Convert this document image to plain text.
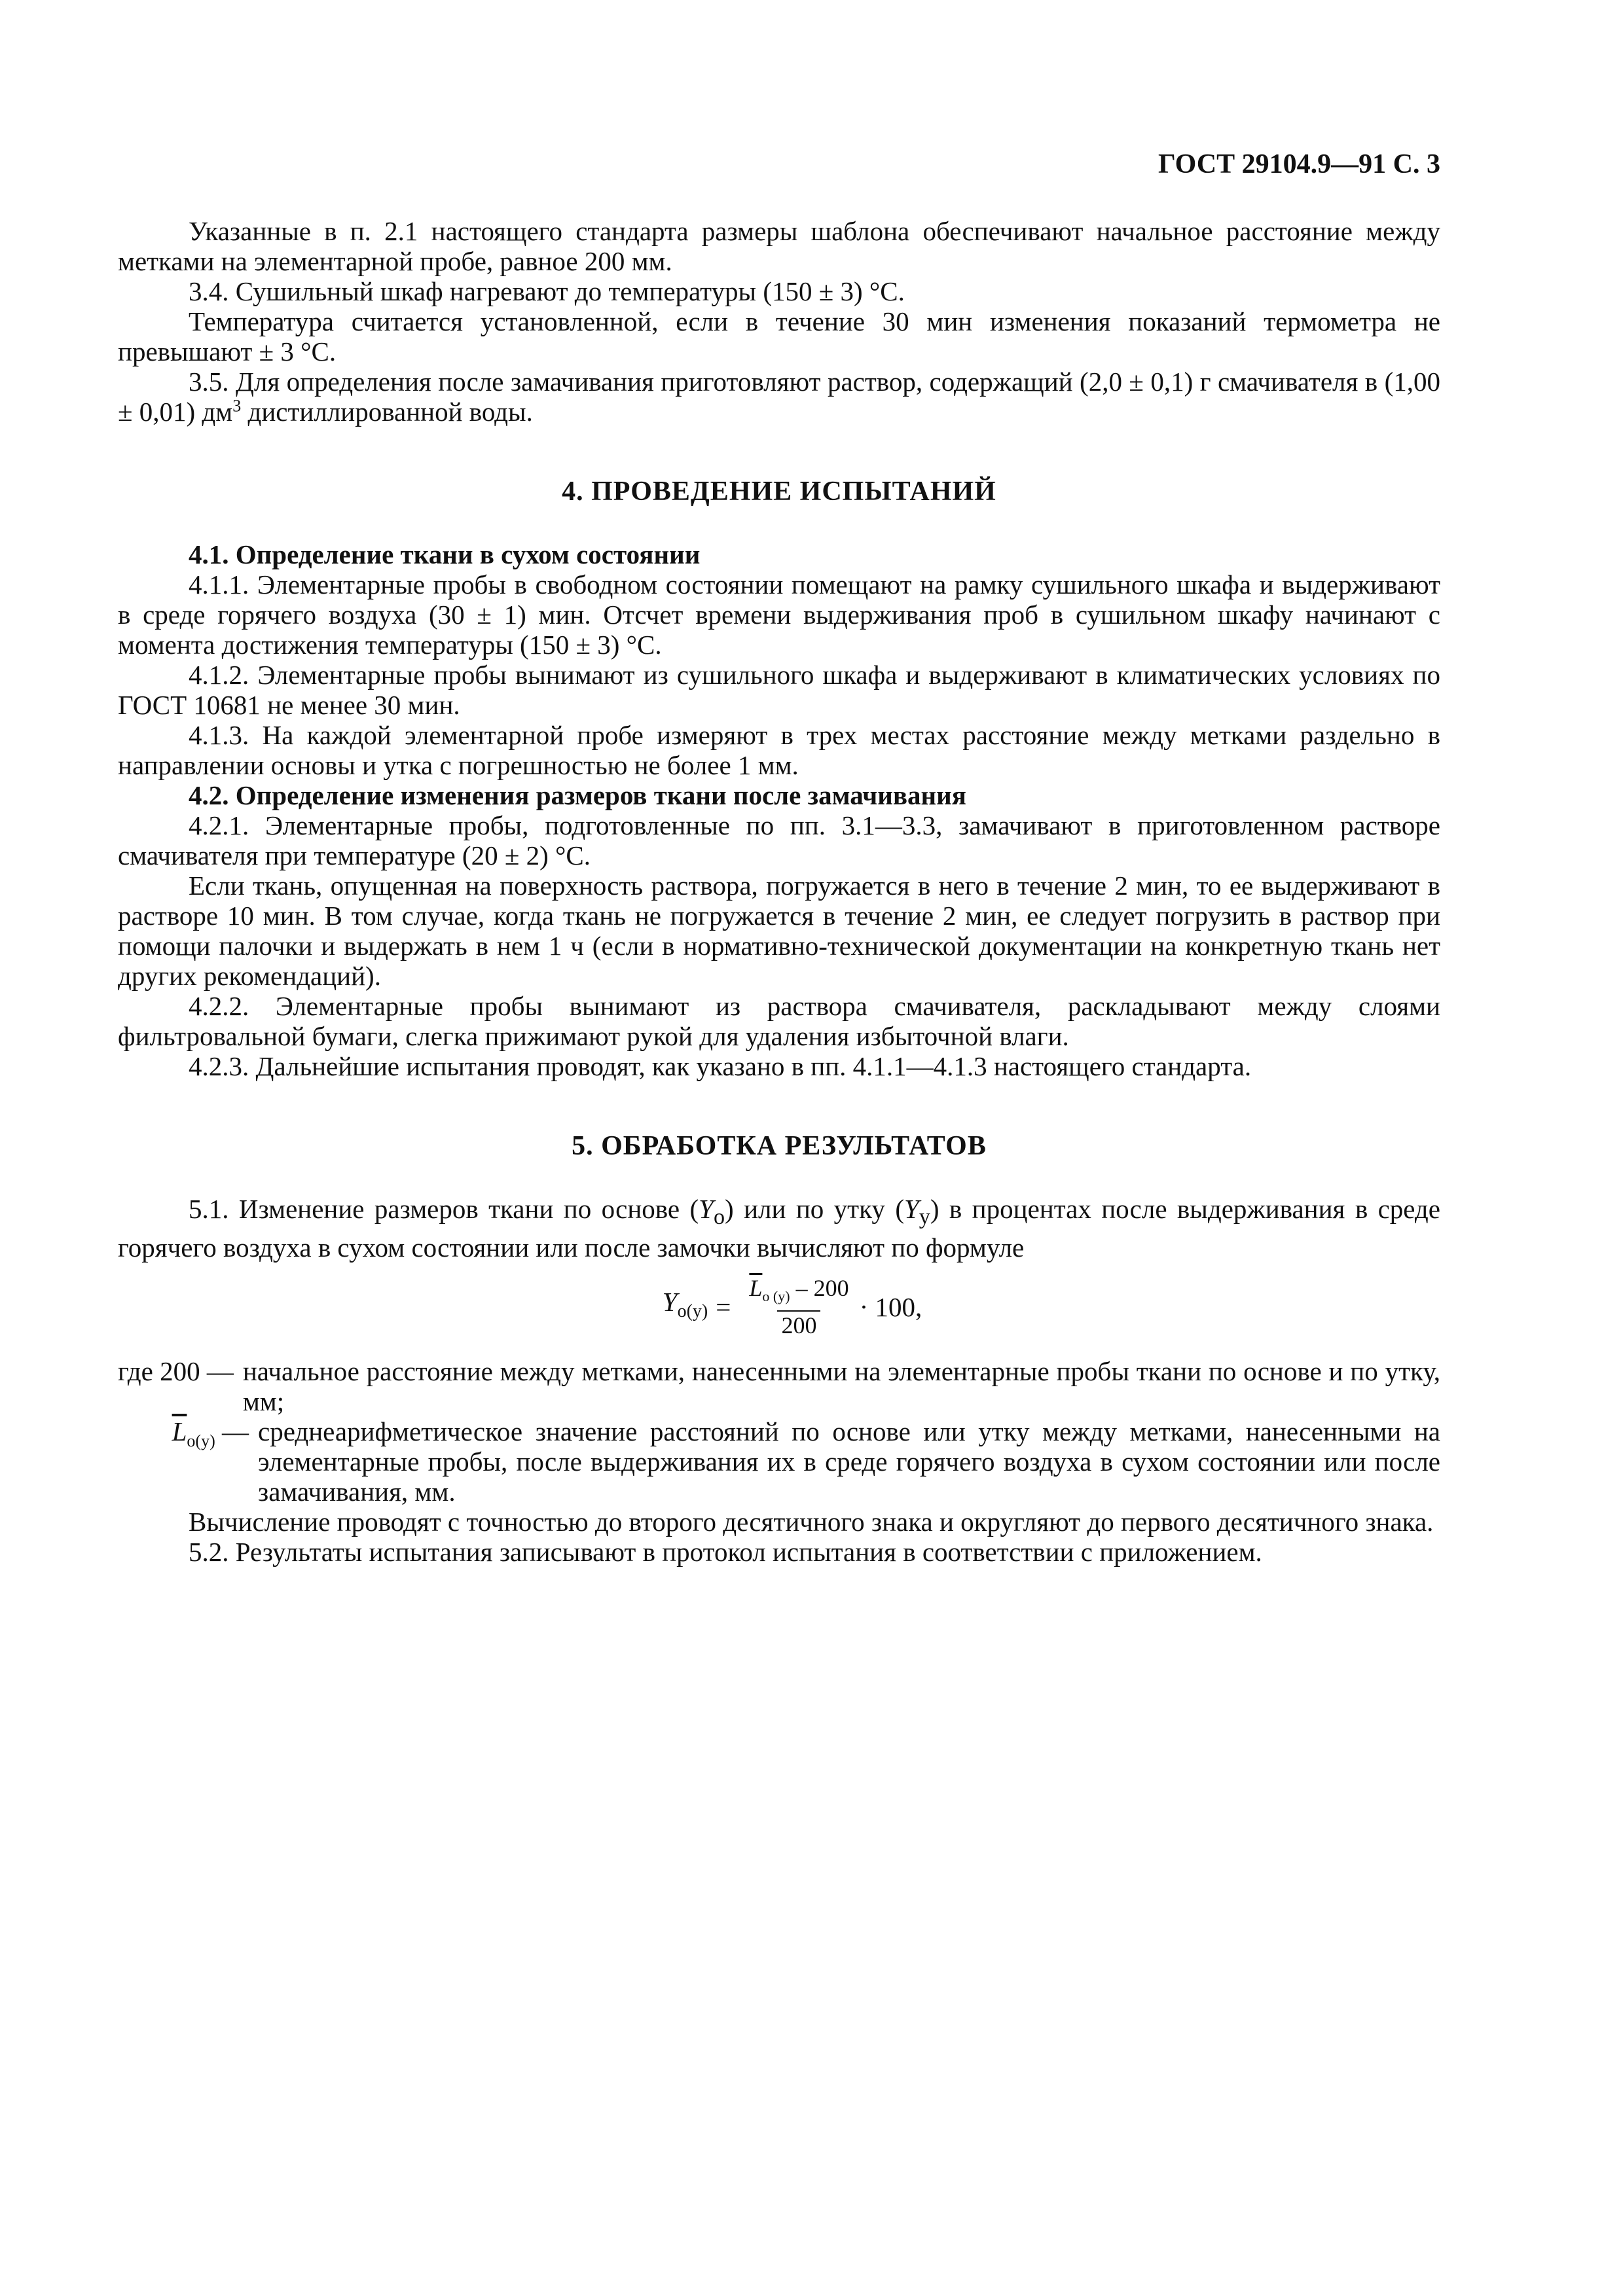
ГОСТ 29104.9—91 С. 3

Указанные в п. 2.1 настоящего стандарта размеры шаблона обеспечивают начальное расстояние между метками на элементарной пробе, равное 200 мм.

3.4. Сушильный шкаф нагревают до температуры (150 ± 3) °С.

Температура считается установленной, если в течение 30 мин изменения показаний термометра не превышают ± 3 °С.

3.5. Для определения после замачивания приготовляют раствор, содержащий (2,0 ± 0,1) г смачивателя в (1,00 ± 0,01) $дм^3$ дистиллированной воды.

4. ПРОВЕДЕНИЕ ИСПЫТАНИЙ

4.1. Определение ткани в сухом состоянии

4.1.1. Элементарные пробы в свободном состоянии помещают на рамку сушильного шкафа и выдерживают в среде горячего воздуха (30 ± 1) мин. Отсчет времени выдерживания проб в сушильном шкафу начинают с момента достижения температуры (150 ± 3) °С.

4.1.2. Элементарные пробы вынимают из сушильного шкафа и выдерживают в климатических условиях по ГОСТ 10681 не менее 30 мин.

4.1.3. На каждой элементарной пробе измеряют в трех местах расстояние между метками раздельно в направлении основы и утка с погрешностью не более 1 мм.

4.2. Определение изменения размеров ткани после замачивания

4.2.1. Элементарные пробы, подготовленные по пп. 3.1—3.3, замачивают в приготовленном растворе смачивателя при температуре (20 ± 2) °С.

Если ткань, опущенная на поверхность раствора, погружается в него в течение 2 мин, то ее выдерживают в растворе 10 мин. В том случае, когда ткань не погружается в течение 2 мин, ее следует погрузить в раствор при помощи палочки и выдержать в нем 1 ч (если в нормативно-технической документации на конкретную ткань нет других рекомендаций).

4.2.2. Элементарные пробы вынимают из раствора смачивателя, раскладывают между слоями фильтровальной бумаги, слегка прижимают рукой для удаления избыточной влаги.

4.2.3. Дальнейшие испытания проводят, как указано в пп. 4.1.1—4.1.3 настоящего стандарта.

5. ОБРАБОТКА РЕЗУЛЬТАТОВ

5.1. Изменение размеров ткани по основе $(Y_о)$ или по утку $(Y_у)$ в процентах после выдерживания в среде горячего воздуха в сухом состоянии или после замочки вычисляют по формуле

$Y_{о(у)} = \frac{\overline{L}_{о (у)} - 200}{200} \cdot 100$,
где 200 — начальное расстояние между метками, нанесенными на элементарные пробы ткани по основе и по утку, мм;
$\overline{L}_{о(у)}$ — среднеарифметическое значение расстояний по основе или утку между метками, нанесенными на элементарные пробы, после выдерживания их в среде горячего воздуха в сухом состоянии или после замачивания, мм.

Вычисление проводят с точностью до второго десятичного знака и округляют до первого десятичного знака.

5.2. Результаты испытания записывают в протокол испытания в соответствии с приложением.
